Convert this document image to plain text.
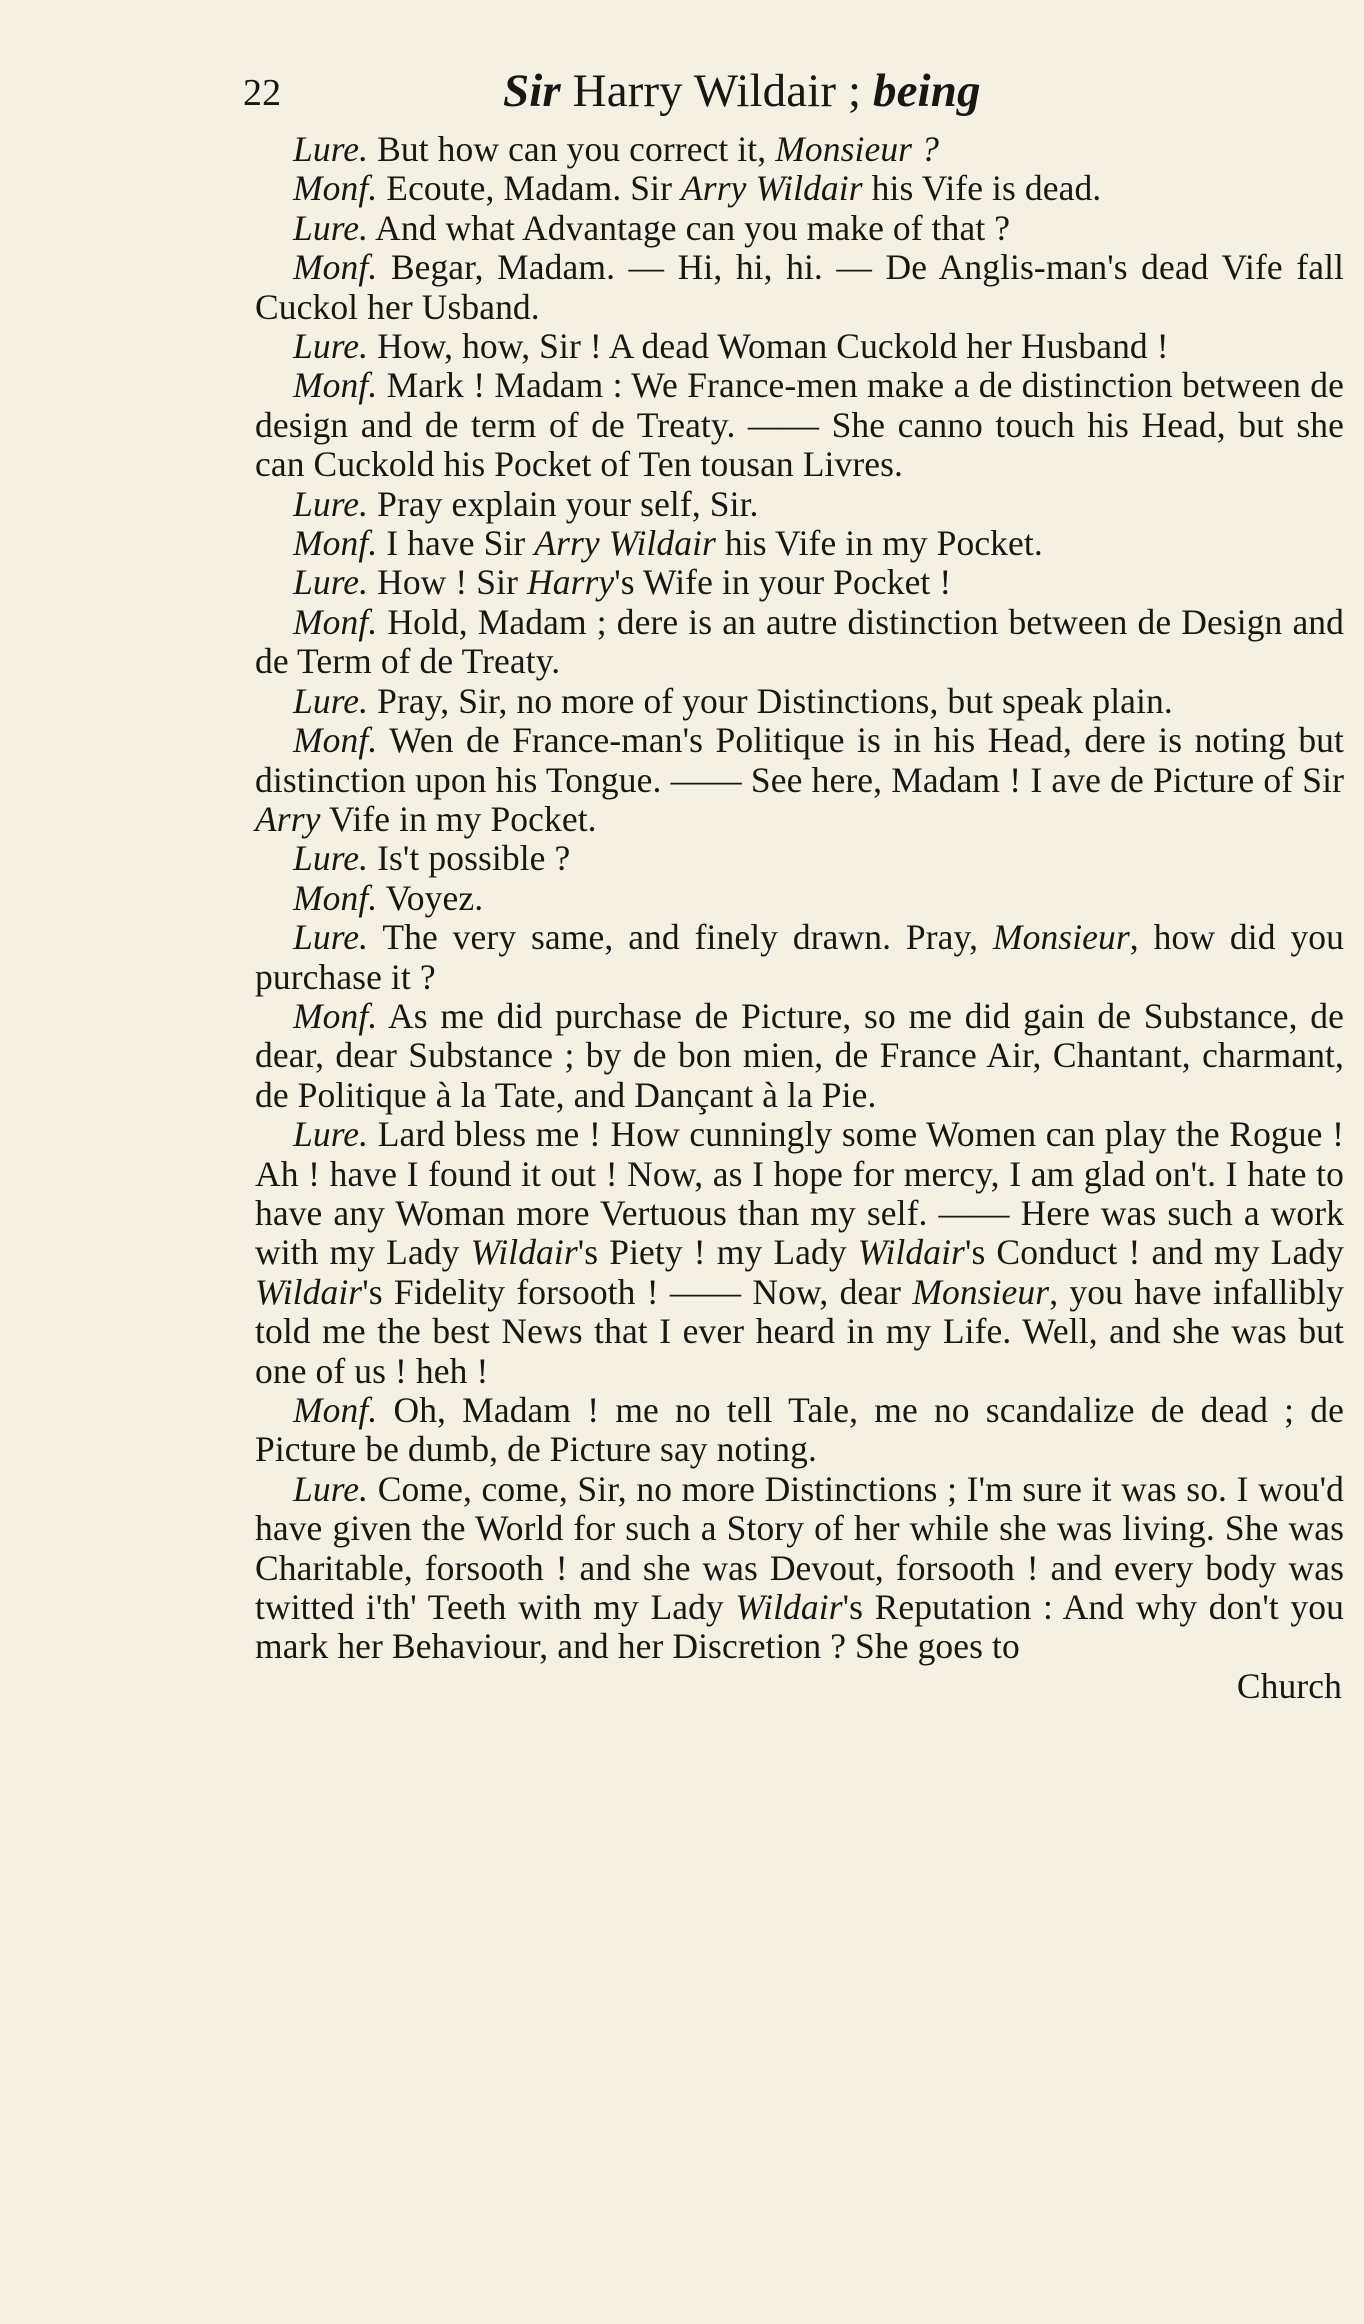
22	Sir Harry Wildair ; being

Lure. But how can you correct it, Monsieur ?

Monf. Ecoute, Madam. Sir Arry Wildair his Vife is dead.

Lure. And what Advantage can you make of that ?

Monf. Begar, Madam. — Hi, hi, hi. — De Anglis-man's dead Vife fall Cuckol her Usband.

Lure. How, how, Sir ! A dead Woman Cuckold her Husband !

Monf. Mark ! Madam : We France-men make a de distinction between de design and de term of de Treaty. —— She canno touch his Head, but she can Cuckold his Pocket of Ten tousan Livres.

Lure. Pray explain your self, Sir.

Monf. I have Sir Arry Wildair his Vife in my Pocket.

Lure. How ! Sir Harry's Wife in your Pocket !

Monf. Hold, Madam ; dere is an autre distinction between de Design and de Term of de Treaty.

Lure. Pray, Sir, no more of your Distinctions, but speak plain.

Monf. Wen de France-man's Politique is in his Head, dere is noting but distinction upon his Tongue. —— See here, Madam ! I ave de Picture of Sir Arry Vife in my Pocket.

Lure. Is't possible ?

Monf. Voyez.

Lure. The very same, and finely drawn. Pray, Monsieur, how did you purchase it ?

Monf. As me did purchase de Picture, so me did gain de Substance, de dear, dear Substance ; by de bon mien, de France Air, Chantant, charmant, de Politique à la Tate, and Dançant à la Pie.

Lure. Lard bless me ! How cunningly some Women can play the Rogue ! Ah ! have I found it out ! Now, as I hope for mercy, I am glad on't. I hate to have any Woman more Vertuous than my self. —— Here was such a work with my Lady Wildair's Piety ! my Lady Wildair's Conduct ! and my Lady Wildair's Fidelity forsooth ! —— Now, dear Monsieur, you have infallibly told me the best News that I ever heard in my Life. Well, and she was but one of us ! heh !

Monf. Oh, Madam ! me no tell Tale, me no scandalize de dead ; de Picture be dumb, de Picture say noting.

Lure. Come, come, Sir, no more Distinctions ; I'm sure it was so. I wou'd have given the World for such a Story of her while she was living. She was Charitable, forsooth ! and she was Devout, forsooth ! and every body was twitted i'th' Teeth with my Lady Wildair's Reputation : And why don't you mark her Behaviour, and her Discretion ? She goes to

Church
